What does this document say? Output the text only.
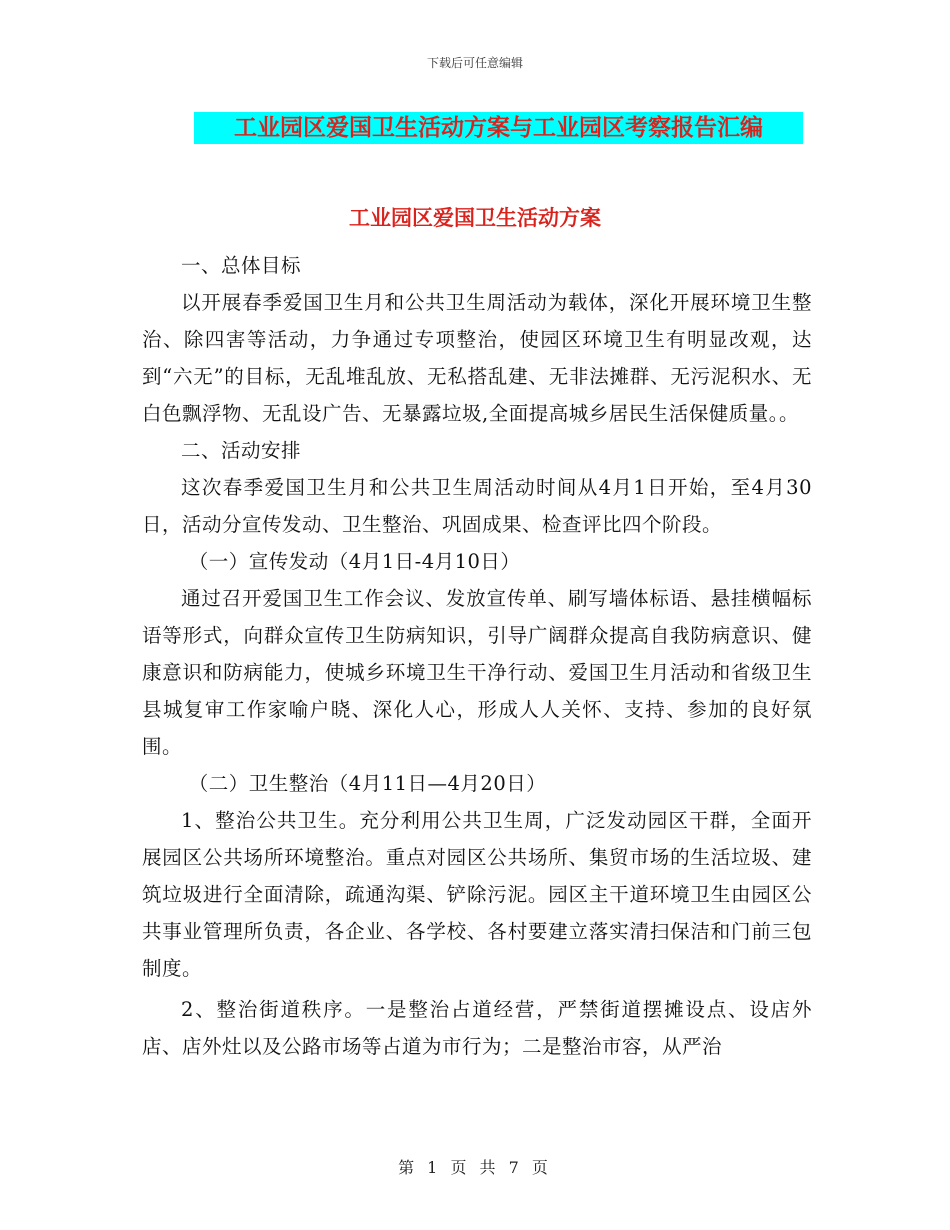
下载后可任意编辑
工业园区爱国卫生活动方案与工业园区考察报告汇编
工业园区爱国卫生活动方案

一、总体目标

以开展春季爱国卫生月和公共卫生周活动为载体，深化开展环境卫生整治、除四害等活动，力争通过专项整治，使园区环境卫生有明显改观，达到“六无”的目标，无乱堆乱放、无私搭乱建、无非法摊群、无污泥积水、无白色飘浮物、无乱设广告、无暴露垃圾,全面提高城乡居民生活保健质量。。

二、活动安排

这次春季爱国卫生月和公共卫生周活动时间从4月1日开始，至4月30日，活动分宣传发动、卫生整治、巩固成果、检查评比四个阶段。

（一）宣传发动（4月1日-4月10日）

通过召开爱国卫生工作会议、发放宣传单、刷写墙体标语、悬挂横幅标语等形式，向群众宣传卫生防病知识，引导广阔群众提高自我防病意识、健康意识和防病能力，使城乡环境卫生干净行动、爱国卫生月活动和省级卫生县城复审工作家喻户晓、深化人心，形成人人关怀、支持、参加的良好氛围。

（二）卫生整治（4月11日—4月20日）

1、整治公共卫生。充分利用公共卫生周，广泛发动园区干群，全面开展园区公共场所环境整治。重点对园区公共场所、集贸市场的生活垃圾、建筑垃圾进行全面清除，疏通沟渠、铲除污泥。园区主干道环境卫生由园区公共事业管理所负责，各企业、各学校、各村要建立落实清扫保洁和门前三包制度。

2、整治街道秩序。一是整治占道经营，严禁街道摆摊设点、设店外店、店外灶以及公路市场等占道为市行为；二是整治市容，从严治

第 1 页 共 7 页
